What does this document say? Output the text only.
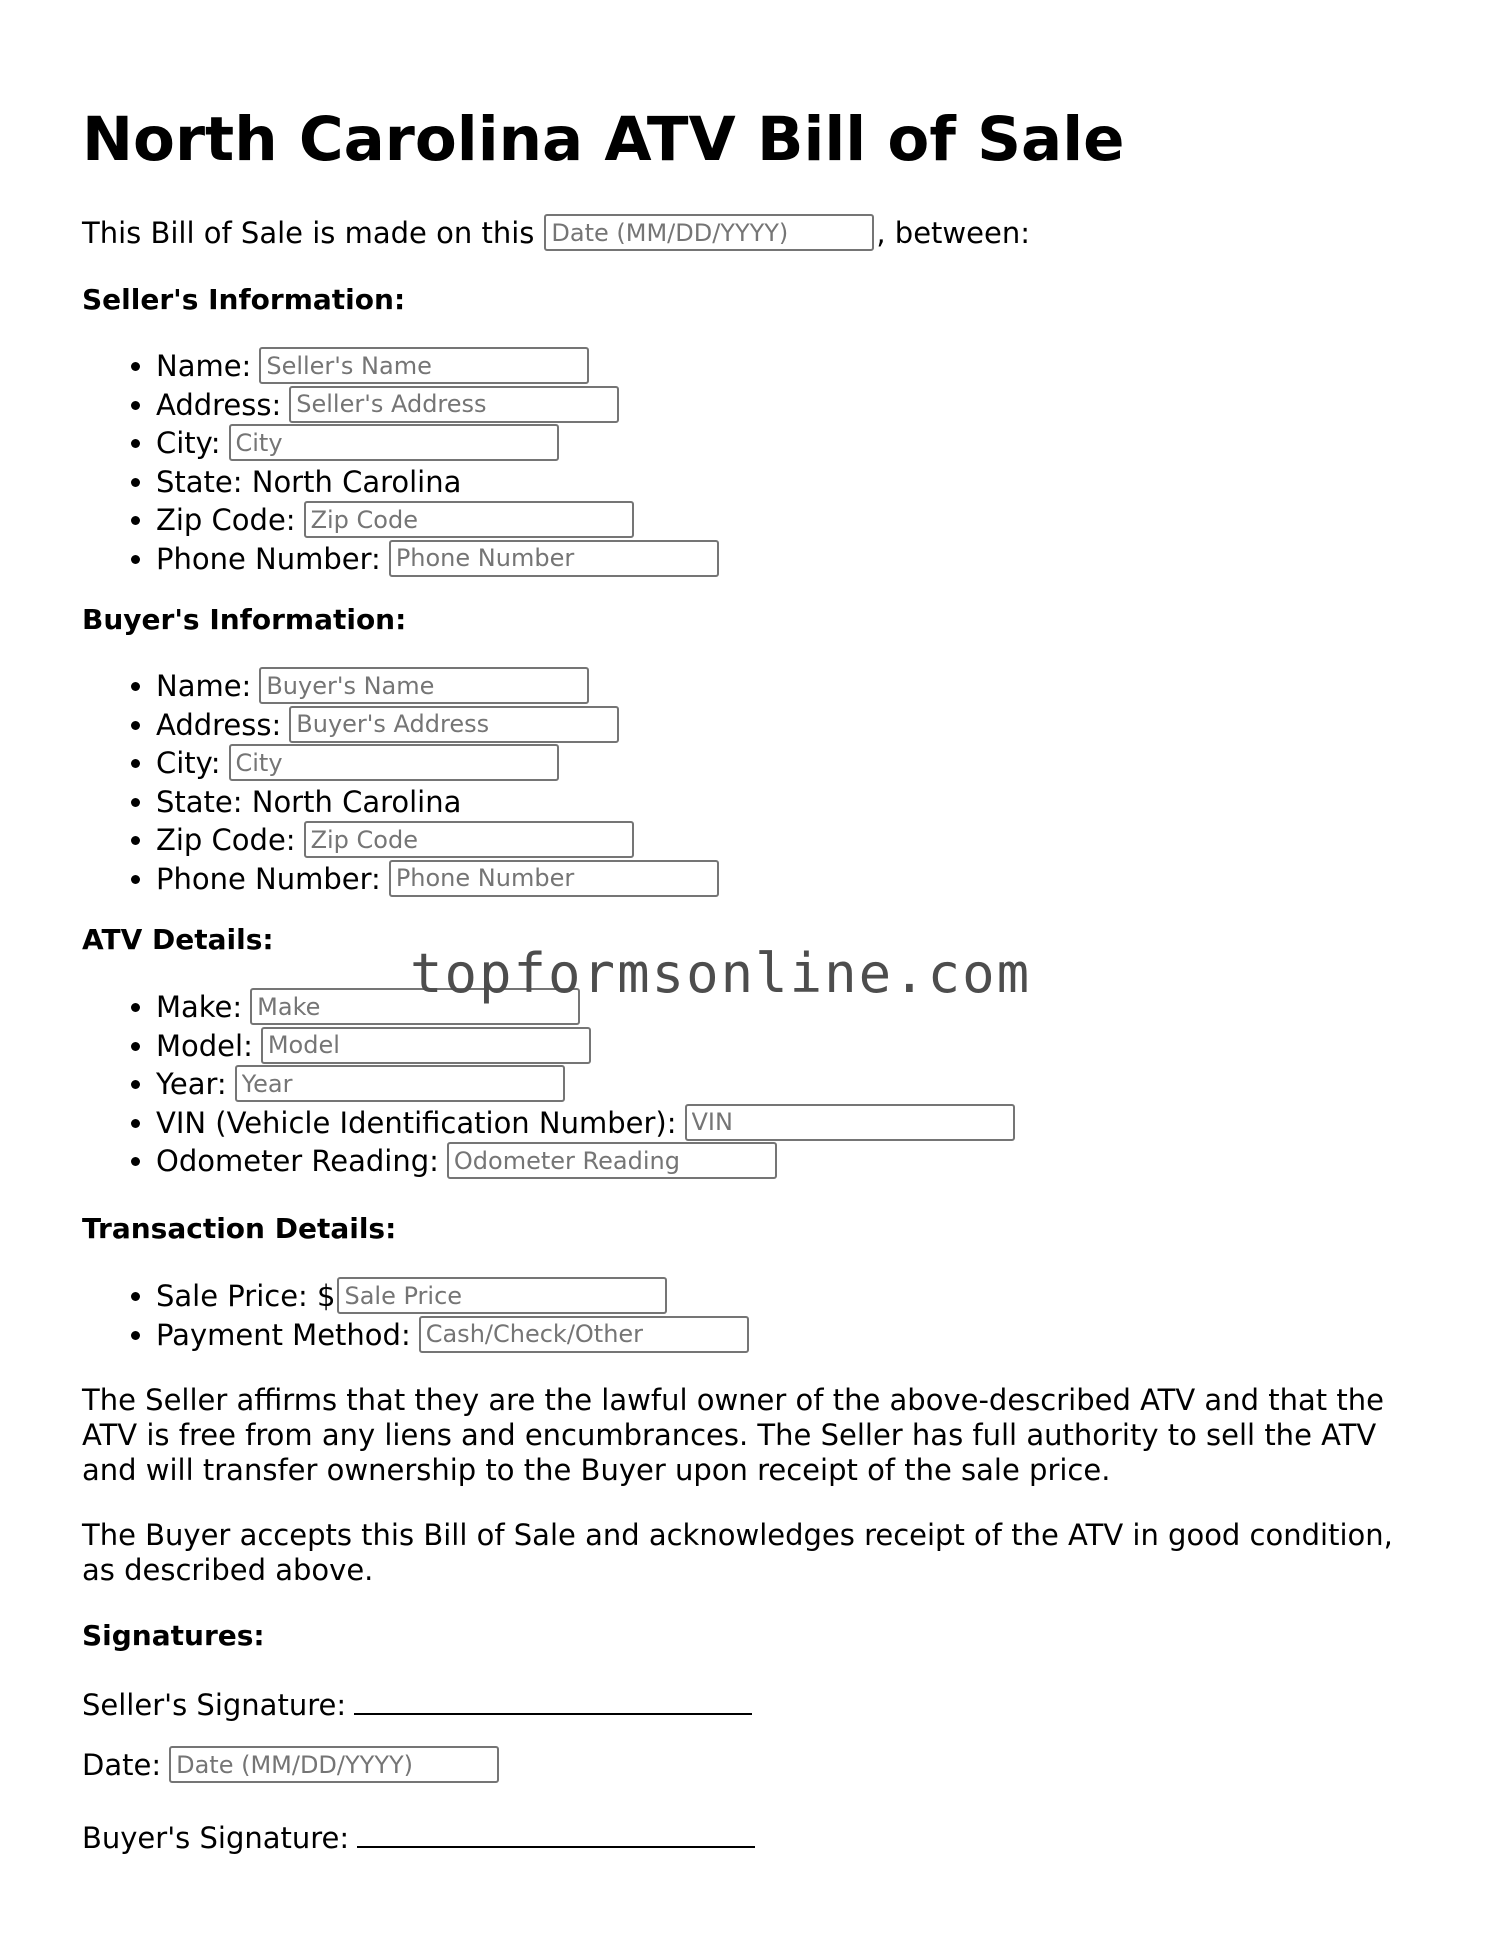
North Carolina ATV Bill of Sale
This Bill of Sale is made on thisDate (MM/DD/YYYY)	, between:
Seller's Information:
• Name:Seller's Name
• Address:Seller's Address
• City:City
• State: North Carolina
• Zip Code:Zip Code
• Phone Number:Phone Number
Buyer's Information:
• Name:Buyer's Name
• Address:Buyer's Address
• City:City
• State: North Carolina
• Zip Code:Zip Code
• Phone Number:Phone Number
ATV Details:
• Make:Make
• Model:Model
• Year:Year
• VIN (Vehicle Identification Number):VIN
• Odometer Reading:Odometer Reading
Transaction Details:
• Sale Price: $Sale Price
• Payment Method:Cash/Check/Other

The Seller affirms that they are the lawful owner of the above-described ATV and that the ATV is free from any liens and encumbrances. The Seller has full authority to sell the ATV and will transfer ownership to the Buyer upon receipt of the sale price.

The Buyer accepts this Bill of Sale and acknowledges receipt of the ATV in good condition, as described above.

Signatures:
Seller's Signature:
Date:Date (MM/DD/YYYY)
Buyer's Signature:
topformsonline.com
